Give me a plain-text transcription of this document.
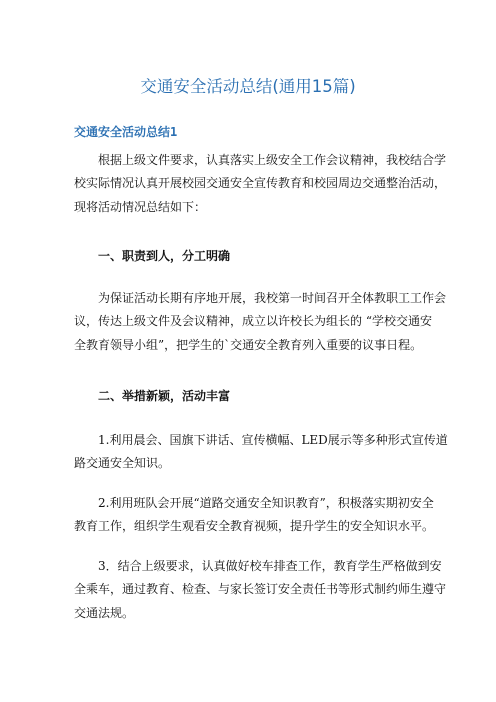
交通安全活动总结(通用15篇)
交通安全活动总结1
根据上级文件要求，认真落实上级安全工作会议精神，我校结合学
校实际情况认真开展校园交通安全宣传教育和校园周边交通整治活动，
现将活动情况总结如下：
一、职责到人，分工明确
为保证活动长期有序地开展，我校第一时间召开全体教职工工作会
议，传达上级文件及会议精神，成立以许校长为组长的 “学校交通安
全教育领导小组”，把学生的`交通安全教育列入重要的议事日程。
二、举措新颖，活动丰富
1.利用晨会、国旗下讲话、宣传横幅、LED展示等多种形式宣传道
路交通安全知识。
2.利用班队会开展“道路交通安全知识教育”，积极落实期初安全
教育工作，组织学生观看安全教育视频，提升学生的安全知识水平。
3．结合上级要求，认真做好校车排查工作，教育学生严格做到安
全乘车，通过教育、检查、与家长签订安全责任书等形式制约师生遵守
交通法规。
